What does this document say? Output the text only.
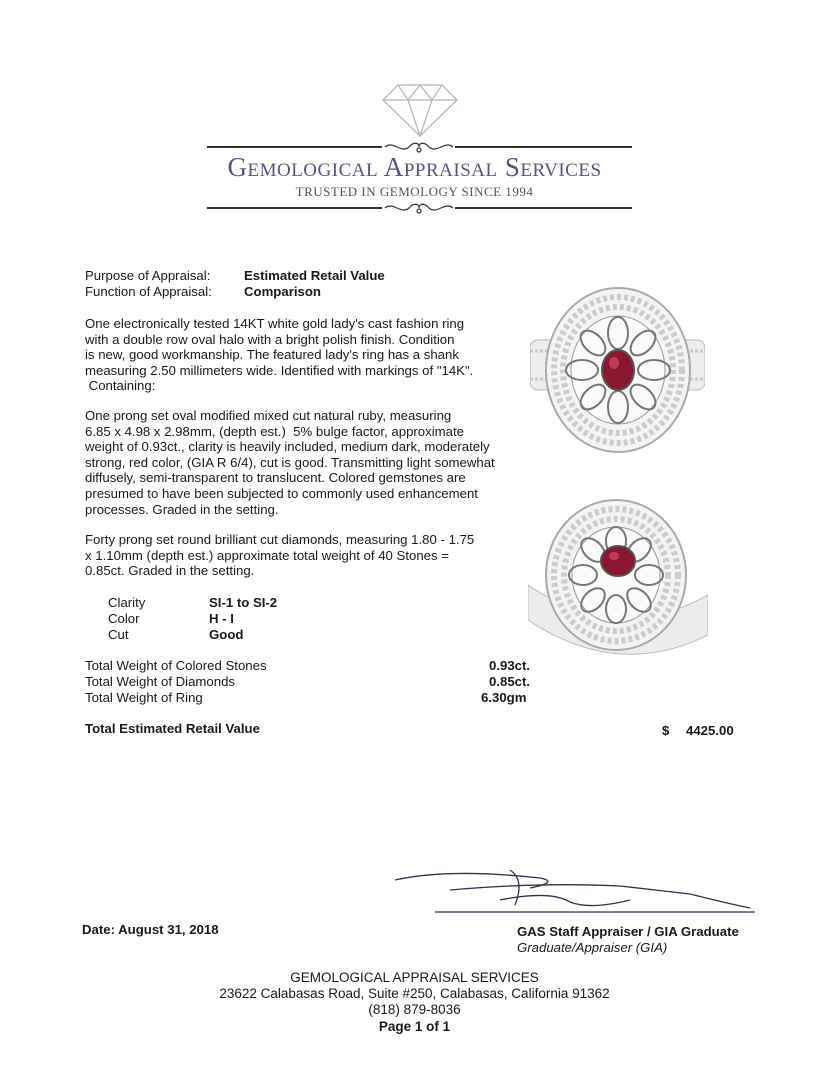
Gemological Appraisal Services
TRUSTED IN GEMOLOGY SINCE 1994
Purpose of Appraisal:	Estimated Retail Value
Function of Appraisal: Comparison
One electronically tested 14KT white gold lady's cast fashion ring
with a double row oval halo with a bright polish finish. Condition
is new, good workmanship. The featured lady's ring has a shank
measuring 2.50 millimeters wide. Identified with markings of "14K".
Containing:
One prong set oval modified mixed cut natural ruby, measuring
6.85 x 4.98 x 2.98mm, (depth est.)  5% bulge factor, approximate
weight of 0.93ct., clarity is heavily included, medium dark, moderately
strong, red color, (GIA R 6/4), cut is good. Transmitting light somewhat
diffusely, semi-transparent to translucent. Colored gemstones are
presumed to have been subjected to commonly used enhancement
processes. Graded in the setting.
Forty prong set round brilliant cut diamonds, measuring 1.80 - 1.75
x 1.10mm (depth est.) approximate total weight of 40 Stones =
0.85ct. Graded in the setting.
Clarity	SI-1 to SI-2
Color	H - I
Cut	Good
Total Weight of Colored Stones	0.93ct.
Total Weight of Diamonds	0.85ct.
Total Weight of Ring	6.30gm
Total Estimated Retail Value	$ 4425.00
Date: August 31, 2018	GAS Staff Appraiser / GIA Graduate
Graduate/Appraiser (GIA)
GEMOLOGICAL APPRAISAL SERVICES
23622 Calabasas Road, Suite #250, Calabasas, California 91362
(818) 879-8036
Page 1 of 1
